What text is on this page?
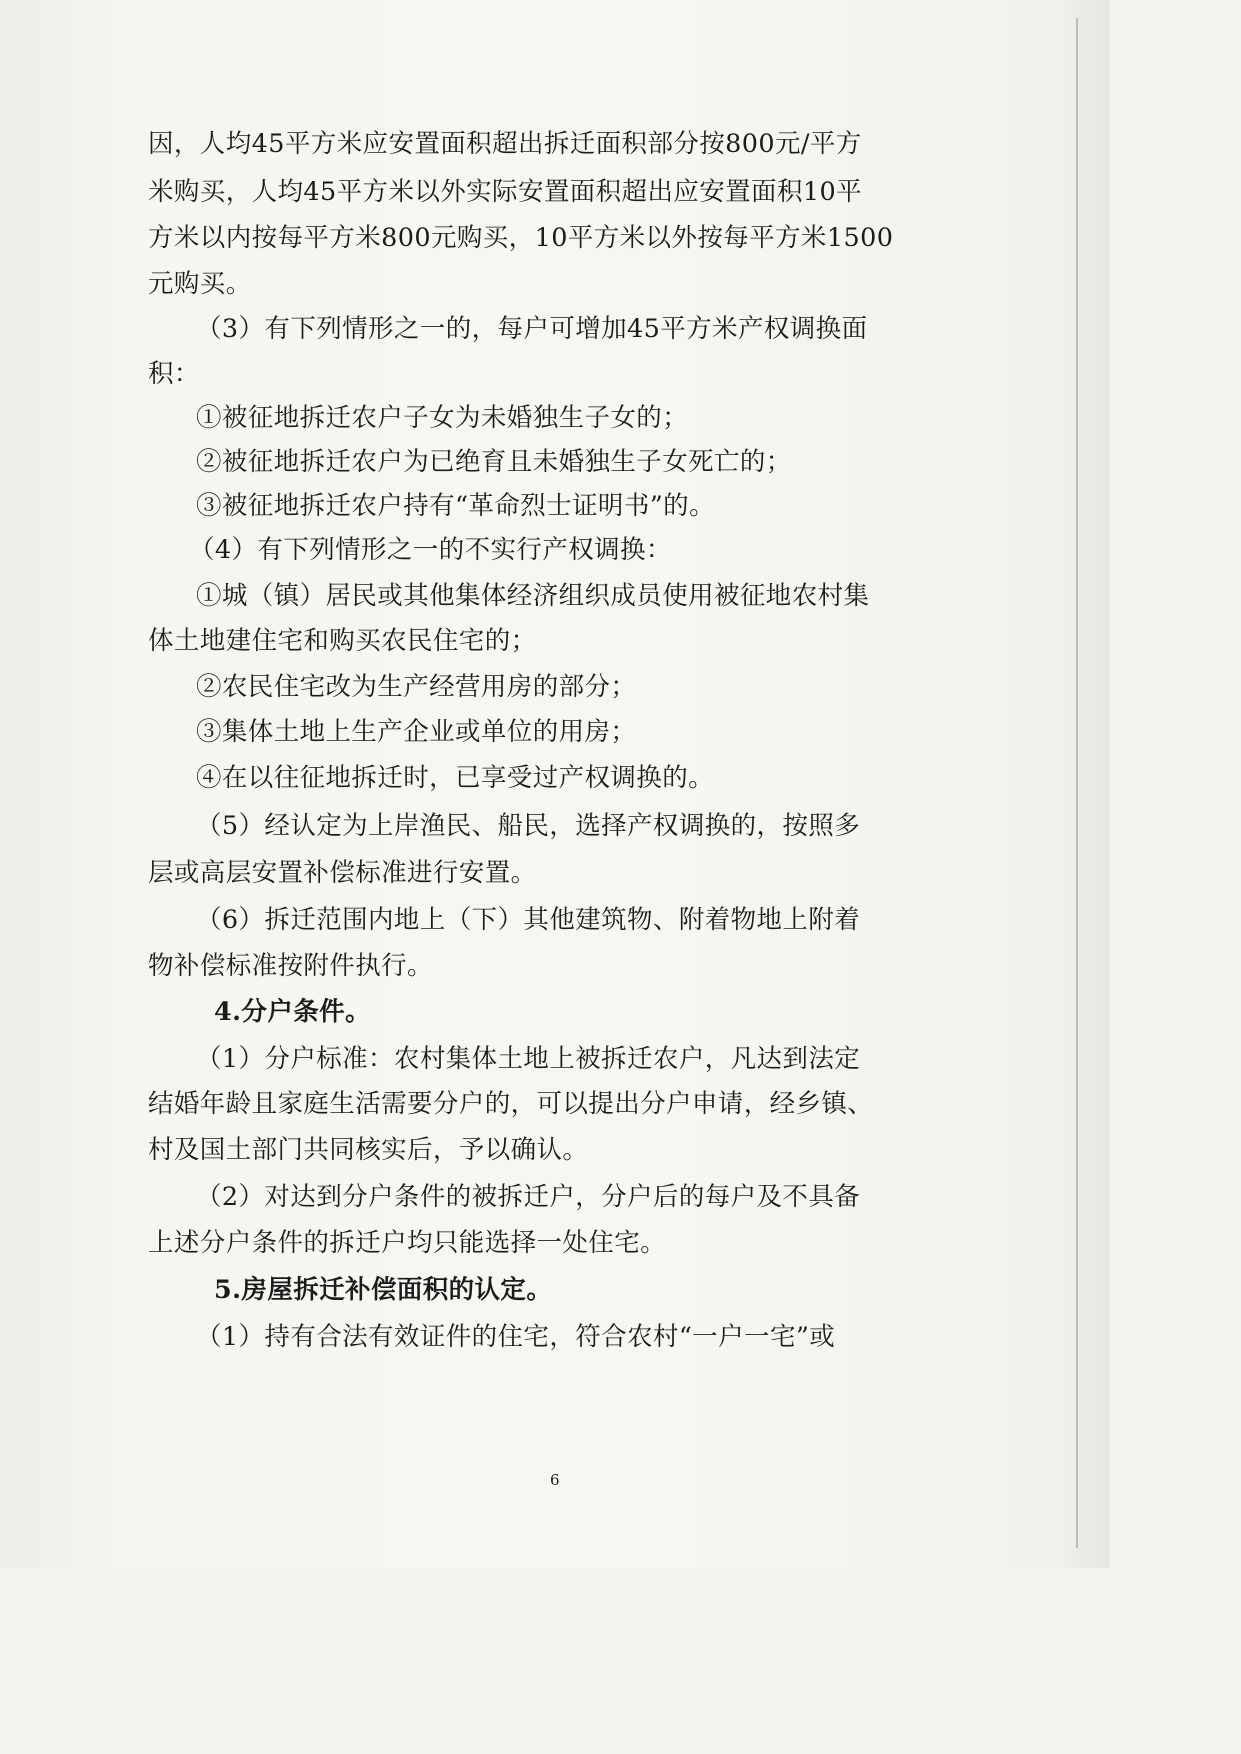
因，人均45平方米应安置面积超出拆迁面积部分按800元/平方
米购买，人均45平方米以外实际安置面积超出应安置面积10平
方米以内按每平方米800元购买，10平方米以外按每平方米1500
元购买。
（3）有下列情形之一的，每户可增加45平方米产权调换面
积：
①被征地拆迁农户子女为未婚独生子女的；
②被征地拆迁农户为已绝育且未婚独生子女死亡的；
③被征地拆迁农户持有“革命烈士证明书”的。
（4）有下列情形之一的不实行产权调换：
①城（镇）居民或其他集体经济组织成员使用被征地农村集
体土地建住宅和购买农民住宅的；
②农民住宅改为生产经营用房的部分；
③集体土地上生产企业或单位的用房；
④在以往征地拆迁时，已享受过产权调换的。
（5）经认定为上岸渔民、船民，选择产权调换的，按照多
层或高层安置补偿标准进行安置。
（6）拆迁范围内地上（下）其他建筑物、附着物地上附着
物补偿标准按附件执行。
4.分户条件。
（1）分户标准：农村集体土地上被拆迁农户，凡达到法定
结婚年龄且家庭生活需要分户的，可以提出分户申请，经乡镇、
村及国土部门共同核实后，予以确认。
（2）对达到分户条件的被拆迁户，分户后的每户及不具备
上述分户条件的拆迁户均只能选择一处住宅。
5.房屋拆迁补偿面积的认定。
（1）持有合法有效证件的住宅，符合农村“一户一宅”或
6
